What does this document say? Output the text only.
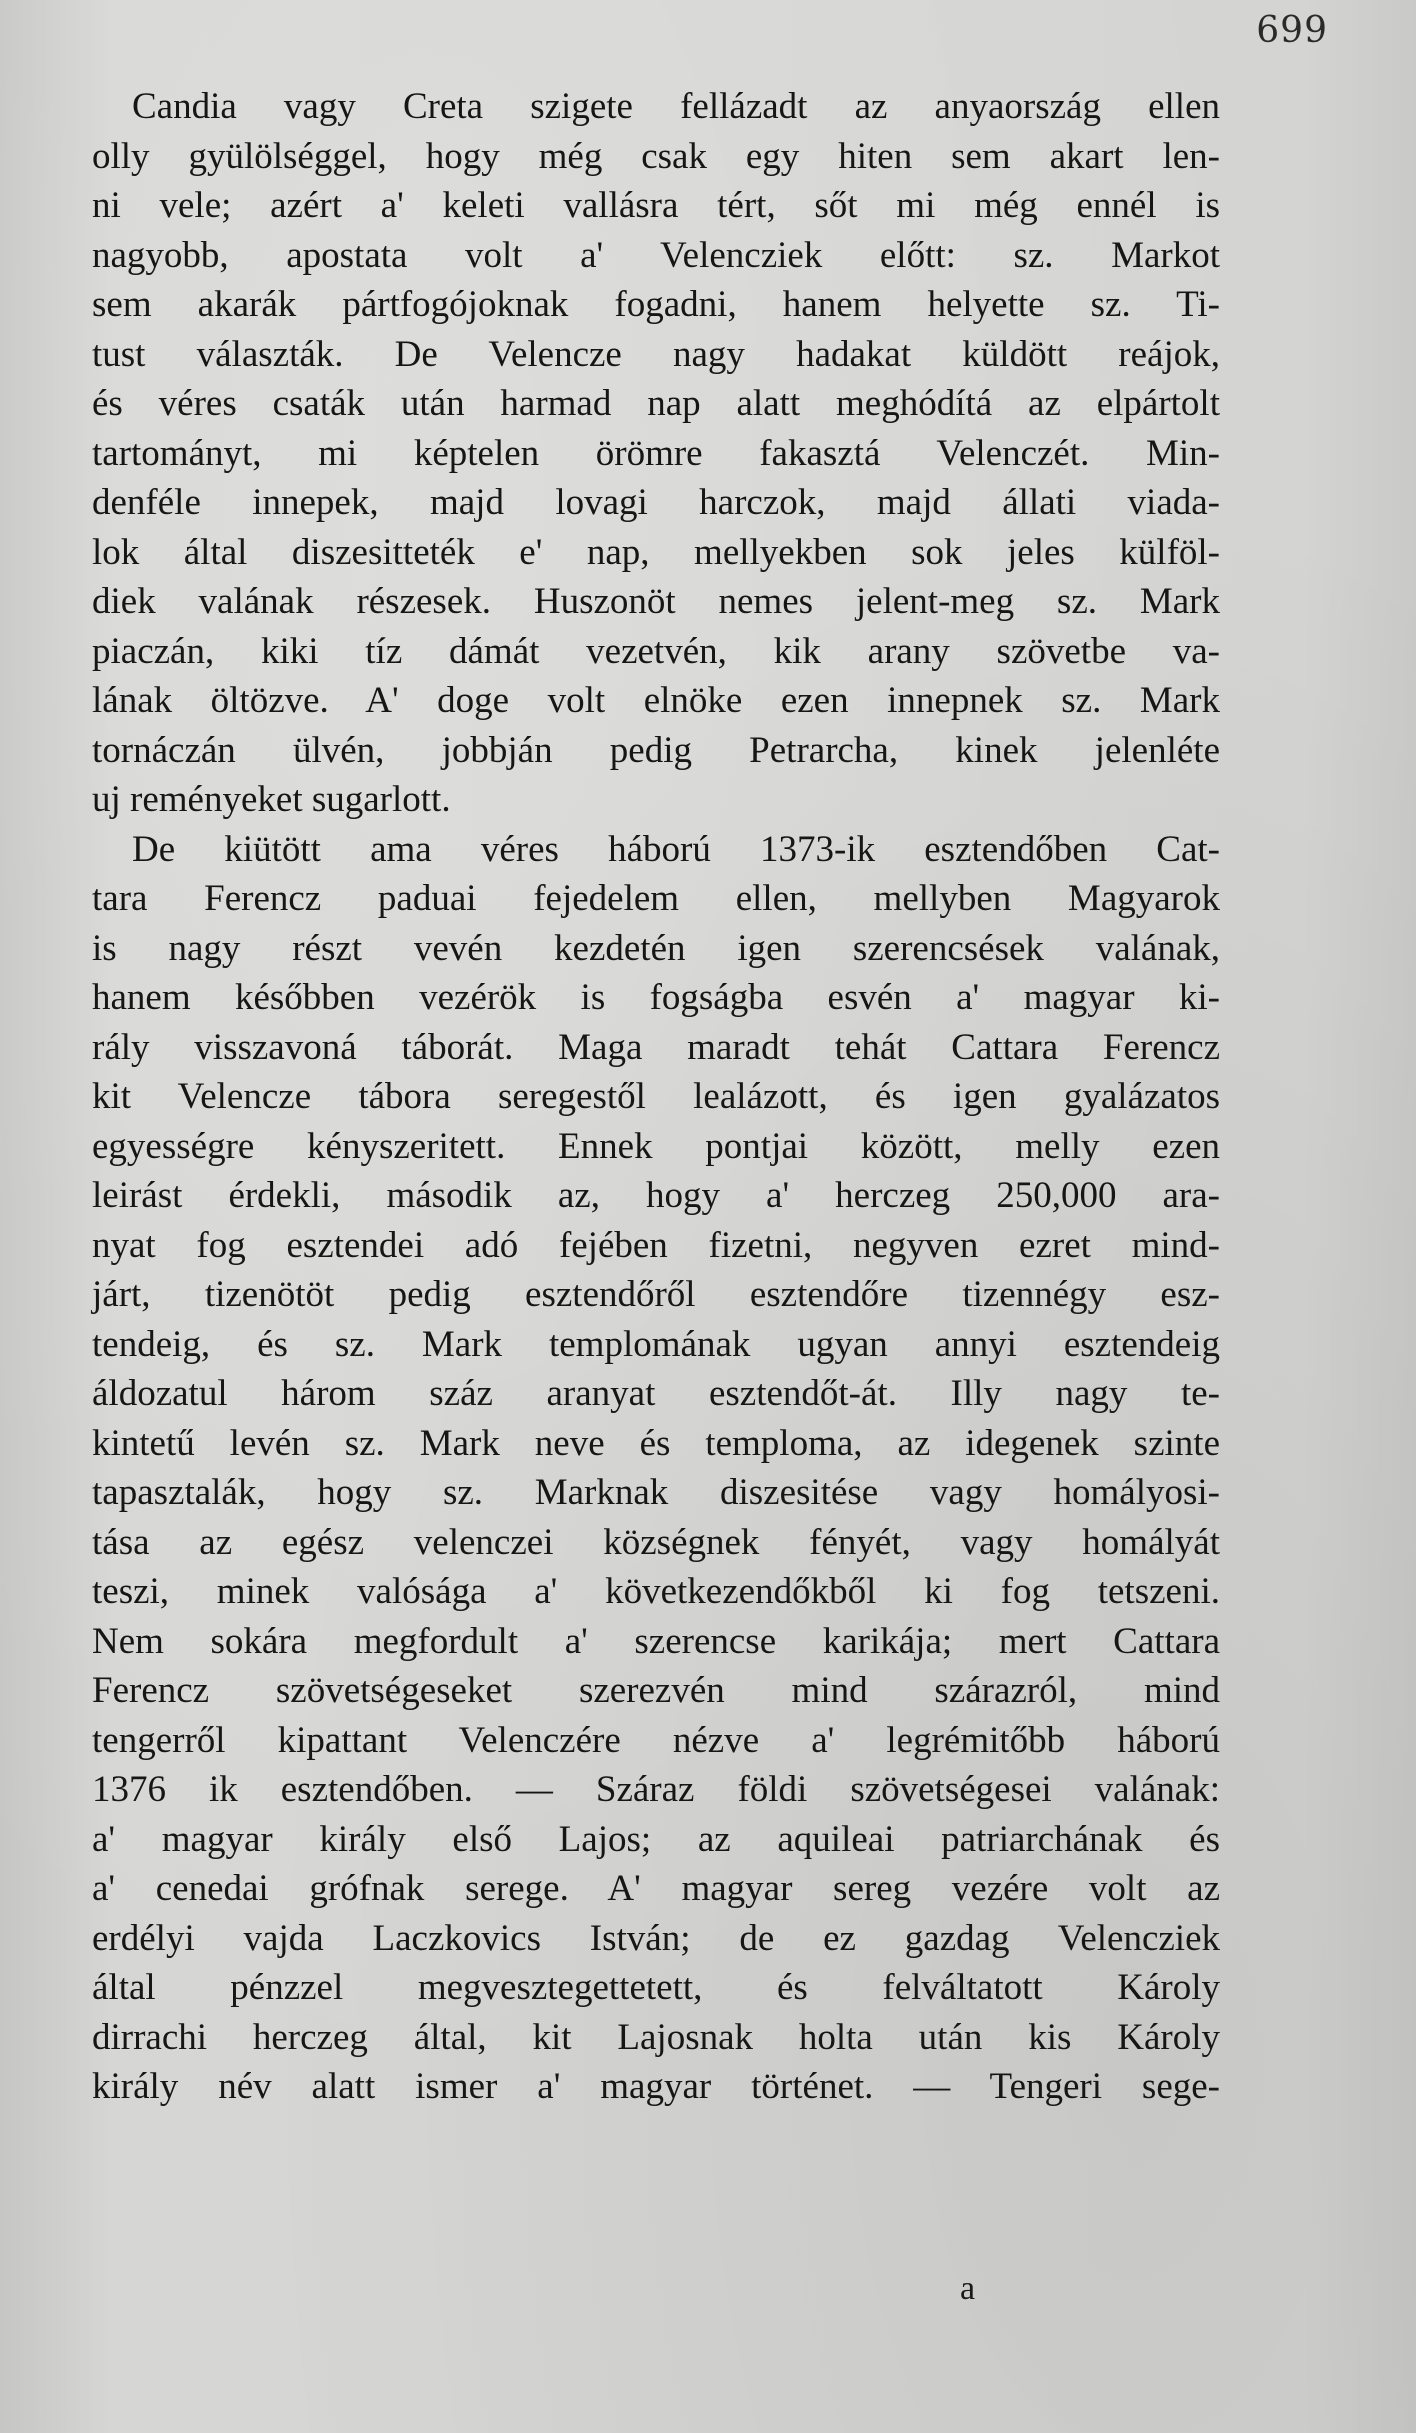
699
Candia vagy Creta szigete fellázadt az anyaország ellen
olly gyülölséggel, hogy még csak egy hiten sem akart len-
ni vele; azért a' keleti vallásra tért, sőt mi még ennél is
nagyobb, apostata volt a' Velencziek előtt: sz. Markot
sem akarák pártfogójoknak fogadni, hanem helyette sz. Ti-
tust választák. De Velencze nagy hadakat küldött reájok,
és véres csaták után harmad nap alatt meghódítá az elpártolt
tartományt, mi képtelen örömre fakasztá Velenczét. Min-
denféle innepek, majd lovagi harczok, majd állati viada-
lok által diszesitteték e' nap, mellyekben sok jeles külföl-
diek valának részesek. Huszonöt nemes jelent-meg sz. Mark
piaczán, kiki tíz dámát vezetvén, kik arany szövetbe va-
lának öltözve. A' doge volt elnöke ezen innepnek sz. Mark
tornáczán ülvén, jobbján pedig Petrarcha, kinek jelenléte
uj reményeket sugarlott.
De kiütött ama véres háború 1373-ik esztendőben Cat-
tara Ferencz paduai fejedelem ellen, mellyben Magyarok
is nagy részt vevén kezdetén igen szerencsések valának,
hanem későbben vezérök is fogságba esvén a' magyar ki-
rály visszavoná táborát. Maga maradt tehát Cattara Ferencz
kit Velencze tábora seregestől lealázott, és igen gyalázatos
egyességre kényszeritett. Ennek pontjai között, melly ezen
leirást érdekli, második az, hogy a' herczeg 250,000 ara-
nyat fog esztendei adó fejében fizetni, negyven ezret mind-
járt, tizenötöt pedig esztendőről esztendőre tizennégy esz-
tendeig, és sz. Mark templomának ugyan annyi esztendeig
áldozatul három száz aranyat esztendőt-át. Illy nagy te-
kintetű levén sz. Mark neve és temploma, az idegenek szinte
tapasztalák, hogy sz. Marknak diszesitése vagy homályosi-
tása az egész velenczei községnek fényét, vagy homályát
teszi, minek valósága a' következendőkből ki fog tetszeni.
Nem sokára megfordult a' szerencse karikája; mert Cattara
Ferencz szövetségeseket szerezvén mind szárazról, mind
tengerről kipattant Velenczére nézve a' legrémitőbb háború
1376 ik esztendőben. — Száraz földi szövetségesei valának:
a' magyar király első Lajos; az aquileai patriarchának és
a' cenedai grófnak serege. A' magyar sereg vezére volt az
erdélyi vajda Laczkovics István; de ez gazdag Velencziek
által pénzzel megvesztegettetett, és felváltatott Károly
dirrachi herczeg által, kit Lajosnak holta után kis Károly
király név alatt ismer a' magyar történet. — Tengeri sege-
a
